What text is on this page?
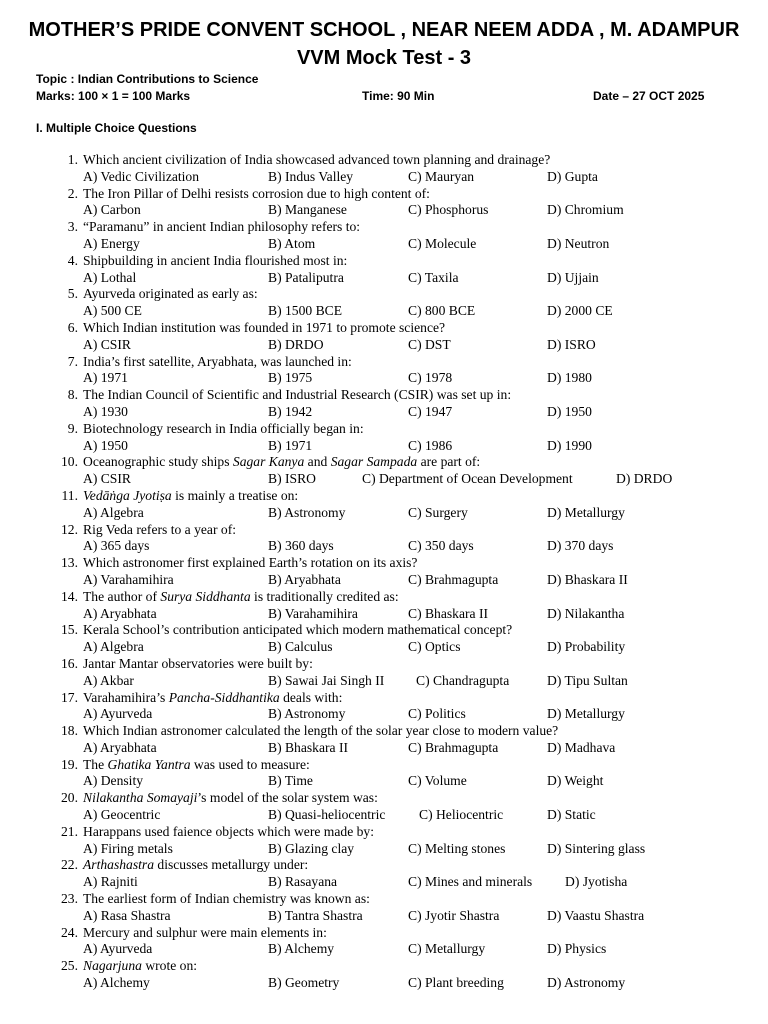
MOTHER’S PRIDE CONVENT SCHOOL , NEAR NEEM ADDA , M. ADAMPUR
VVM Mock Test - 3
Topic : Indian Contributions to Science
Marks: 100 × 1 = 100 Marks	Time: 90 Min	Date – 27 OCT 2025
I. Multiple Choice Questions
1. Which ancient civilization of India showcased advanced town planning and drainage?
A) Vedic Civilization	B) Indus Valley	C) Mauryan	D) Gupta
2. The Iron Pillar of Delhi resists corrosion due to high content of:
A) Carbon	B) Manganese	C) Phosphorus	D) Chromium
3. “Paramanu” in ancient Indian philosophy refers to:
A) Energy	B) Atom	C) Molecule	D) Neutron
4. Shipbuilding in ancient India flourished most in:
A) Lothal	B) Pataliputra	C) Taxila	D) Ujjain
5. Ayurveda originated as early as:
A) 500 CE	B) 1500 BCE	C) 800 BCE	D) 2000 CE
6. Which Indian institution was founded in 1971 to promote science?
A) CSIR	B) DRDO	C) DST	D) ISRO
7. India’s first satellite, Aryabhata, was launched in:
A) 1971	B) 1975	C) 1978	D) 1980
8. The Indian Council of Scientific and Industrial Research (CSIR) was set up in:
A) 1930	B) 1942	C) 1947	D) 1950
9. Biotechnology research in India officially began in:
A) 1950	B) 1971	C) 1986	D) 1990
10. Oceanographic study ships Sagar Kanya and Sagar Sampada are part of:
A) CSIR	B) ISRO	C) Department of Ocean Development	D) DRDO
11. Vedāṅga Jyotiṣa is mainly a treatise on:
A) Algebra	B) Astronomy	C) Surgery	D) Metallurgy
12. Rig Veda refers to a year of:
A) 365 days	B) 360 days	C) 350 days	D) 370 days
13. Which astronomer first explained Earth’s rotation on its axis?
A) Varahamihira	B) Aryabhata	C) Brahmagupta	D) Bhaskara II
14. The author of Surya Siddhanta is traditionally credited as:
A) Aryabhata	B) Varahamihira	C) Bhaskara II	D) Nilakantha
15. Kerala School’s contribution anticipated which modern mathematical concept?
A) Algebra	B) Calculus	C) Optics	D) Probability
16. Jantar Mantar observatories were built by:
A) Akbar	B) Sawai Jai Singh II C) Chandragupta	D) Tipu Sultan
17. Varahamihira’s Pancha-Siddhantika deals with:
A) Ayurveda	B) Astronomy	C) Politics	D) Metallurgy
18. Which Indian astronomer calculated the length of the solar year close to modern value?
A) Aryabhata	B) Bhaskara II	C) Brahmagupta	D) Madhava
19. The Ghatika Yantra was used to measure:
A) Density	B) Time	C) Volume	D) Weight
20. Nilakantha Somayaji’s model of the solar system was:
A) Geocentric	B) Quasi-heliocentric C) Heliocentric	D) Static
21. Harappans used faience objects which were made by:
A) Firing metals	B) Glazing clay	C) Melting stones	D) Sintering glass
22. Arthashastra discusses metallurgy under:
A) Rajniti	B) Rasayana	C) Mines and minerals D) Jyotisha
23. The earliest form of Indian chemistry was known as:
A) Rasa Shastra	B) Tantra Shastra	C) Jyotir Shastra	D) Vaastu Shastra
24. Mercury and sulphur were main elements in:
A) Ayurveda	B) Alchemy	C) Metallurgy	D) Physics
25. Nagarjuna wrote on:
A) Alchemy	B) Geometry	C) Plant breeding	D) Astronomy
